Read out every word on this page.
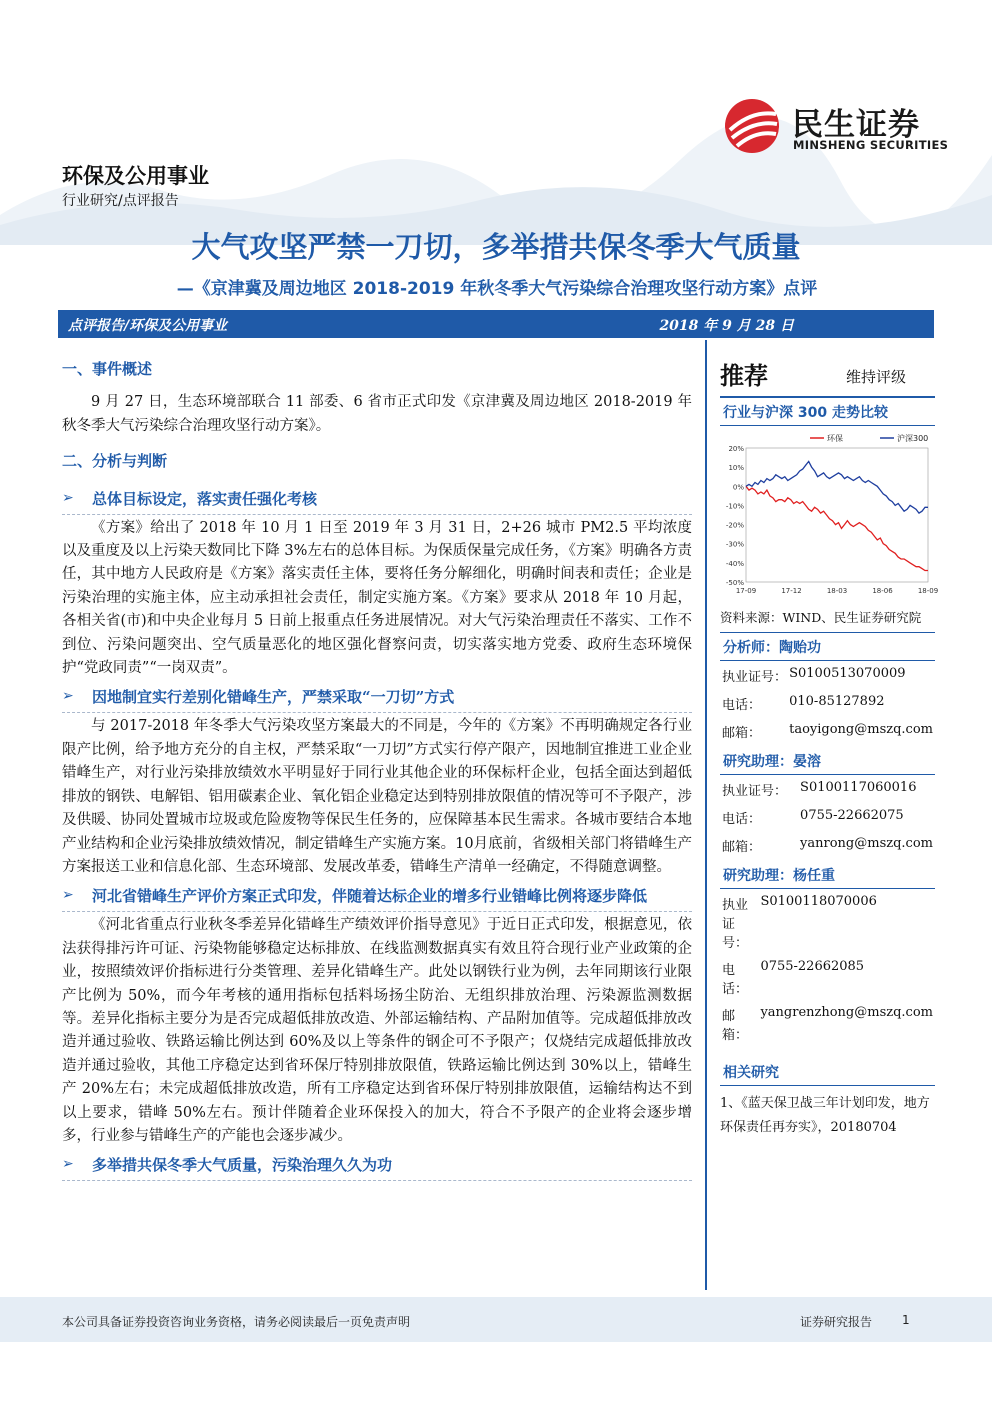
民生证券
MINSHENG SECURITIES
环保及公用事业
行业研究/点评报告
大气攻坚严禁一刀切，多举措共保冬季大气质量
—《京津冀及周边地区 2018-2019 年秋冬季大气污染综合治理攻坚行动方案》点评
点评报告/环保及公用事业	2018 年 9 月 28 日
一、事件概述

9 月 27 日，生态环境部联合 11 部委、6 省市正式印发《京津冀及周边地区 2018-2019 年秋冬季大气污染综合治理攻坚行动方案》。

二、分析与判断
➢ 总体目标设定，落实责任强化考核

《方案》给出了 2018 年 10 月 1 日至 2019 年 3 月 31 日，2+26 城市 PM2.5 平均浓度以及重度及以上污染天数同比下降 3%左右的总体目标。为保质保量完成任务，《方案》明确各方责任，其中地方人民政府是《方案》落实责任主体，要将任务分解细化，明确时间表和责任；企业是污染治理的实施主体，应主动承担社会责任，制定实施方案。《方案》要求从 2018 年 10 月起，各相关省(市)和中央企业每月 5 日前上报重点任务进展情况。对大气污染治理责任不落实、工作不到位、污染问题突出、空气质量恶化的地区强化督察问责，切实落实地方党委、政府生态环境保护“党政同责”“一岗双责”。

➢ 因地制宜实行差别化错峰生产，严禁采取“一刀切”方式

与 2017-2018 年冬季大气污染攻坚方案最大的不同是，今年的《方案》不再明确规定各行业限产比例，给予地方充分的自主权，严禁采取“一刀切”方式实行停产限产，因地制宜推进工业企业错峰生产，对行业污染排放绩效水平明显好于同行业其他企业的环保标杆企业，包括全面达到超低排放的钢铁、电解铝、铝用碳素企业、氧化铝企业稳定达到特别排放限值的情况等可不予限产，涉及供暖、协同处置城市垃圾或危险废物等保民生任务的，应保障基本民生需求。各城市要结合本地产业结构和企业污染排放绩效情况，制定错峰生产实施方案。10月底前，省级相关部门将错峰生产方案报送工业和信息化部、生态环境部、发展改革委，错峰生产清单一经确定，不得随意调整。

➢ 河北省错峰生产评价方案正式印发，伴随着达标企业的增多行业错峰比例将逐步降低

《河北省重点行业秋冬季差异化错峰生产绩效评价指导意见》于近日正式印发，根据意见，依法获得排污许可证、污染物能够稳定达标排放、在线监测数据真实有效且符合现行业产业政策的企业，按照绩效评价指标进行分类管理、差异化错峰生产。此处以钢铁行业为例，去年同期该行业限产比例为 50%，而今年考核的通用指标包括料场扬尘防治、无组织排放治理、污染源监测数据等。差异化指标主要分为是否完成超低排放改造、外部运输结构、产品附加值等。完成超低排放改造并通过验收、铁路运输比例达到 60%及以上等条件的钢企可不予限产；仅烧结完成超低排放改造并通过验收，其他工序稳定达到省环保厅特别排放限值，铁路运输比例达到 30%以上，错峰生产 20%左右；未完成超低排放改造，所有工序稳定达到省环保厅特别排放限值，运输结构达不到以上要求，错峰 50%左右。预计伴随着企业环保投入的加大，符合不予限产的企业将会逐步增多，行业参与错峰生产的产能也会逐步减少。

➢ 多举措共保冬季大气质量，污染治理久久为功
推荐	维持评级
行业与沪深 300 走势比较
20%
10%
0%
-10%
-20%
-30%
-40%
-50%
17-09	17-12	18-03	18-06	18-09
环保	沪深300
资料来源：WIND、民生证券研究院
分析师：陶贻功
执业证号：	S0100513070009
电话：	010-85127892
邮箱：	taoyigong@mszq.com
研究助理：晏溶
执业证号：	S0100117060016
电话：	0755-22662075
邮箱：	yanrong@mszq.com
研究助理：杨任重
执业证号：	S0100118070006
电话：	0755-22662085
邮箱：	yangrenzhong@mszq.com
相关研究
1、《蓝天保卫战三年计划印发，地方环保责任再夯实》，20180704
本公司具备证券投资咨询业务资格，请务必阅读最后一页免责声明	证券研究报告 1
